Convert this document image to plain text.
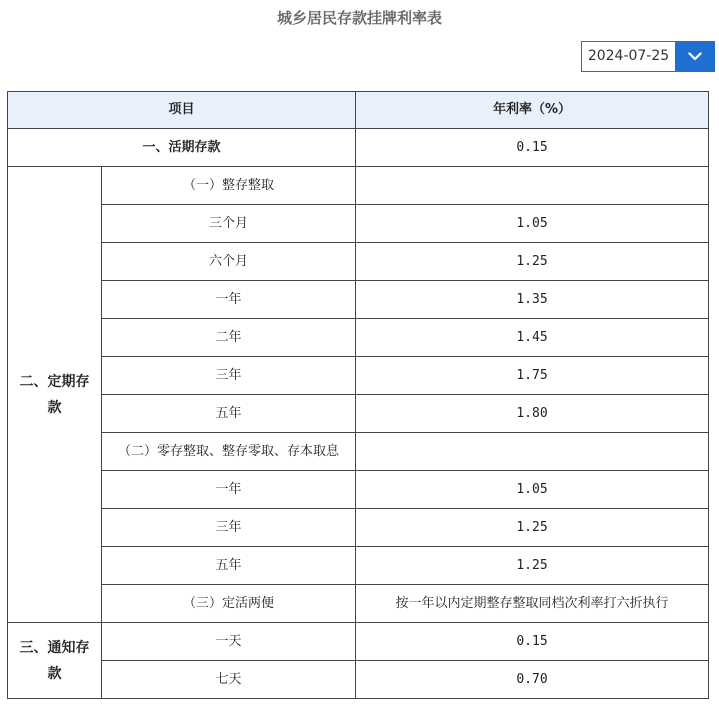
城乡居民存款挂牌利率表
2024-07-25
项目		年利率（%）
一、活期存款		0.15

二、定期存款	（一）整存整取	
	三个月	1.05
	六个月	1.25
	一年	1.35
	二年	1.45
	三年	1.75
	五年	1.80
	（二）零存整取、整存零取、存本取息	
	一年	1.05
	三年	1.25
	五年	1.25
	（三）定活两便	按一年以内定期整存整取同档次利率打六折执行

三、通知存款	一天	0.15
	七天	0.70
